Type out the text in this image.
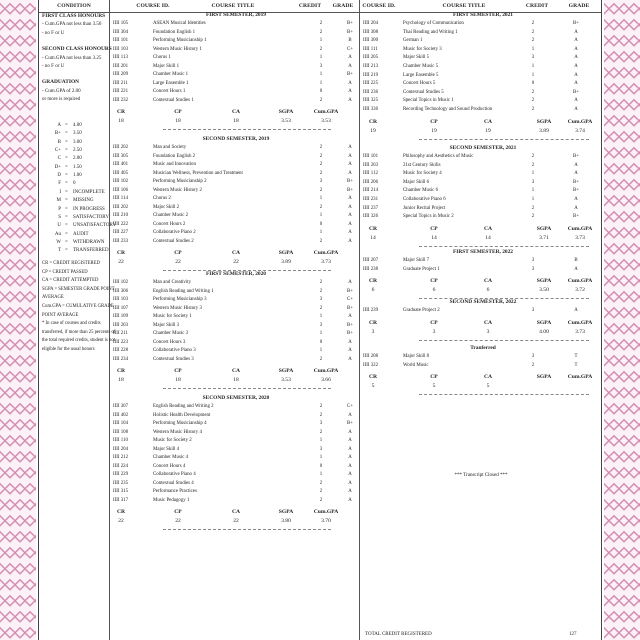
CONDITION	COURSE ID.	COURSE TITLE	CREDIT	GRADE	COURSE ID.	COURSE TITLE	CREDIT	GRADE
FIRST CLASS HONOURS
- Cum.GPA not less than 3.50
- no F or U
SECOND CLASS HONOURS
- Cum.GPA not less than 3.25
- no F or U
GRADUATION
- Cum.GPA of 2.00
or more is required
A = 4.00
B+ = 3.50
B = 3.00
C+ = 2.50
C = 2.00
D+ = 1.50
D = 1.00
F = 0
I = INCOMPLETE
M = MISSING
P = IN PROGRESS
S = SATISFACTORY
U = UNSATISFACTORY
Au = AUDIT
W = WITHDRAWN
T = TRANSFERRED
CR = CREDIT REGISTERED
CP = CREDIT PASSED
CA = CREDIT ATTEMPTED
SGPA = SEMESTER GRADE POINT
AVERAGE
Cum.GPA = CUMULATIVE GRADE
POINT AVERAGE
* In case of courses and credits
transferred, if more than 25 percents of
the total required credits, student is not
eligible for the usual honors
FIRST SEMESTER, 2019
IIII 105	ASEAN Musical Identities	2	B+
IIII 304	Foundation English 1	2	B+
IIII 101	Performing Musicianship 1	1	B
IIII 103	Western Music History 1	2	C+
IIII 113	Chorus 1	1	A
IIII 201	Major Skill 1	3	A
IIII 209	Chamber Music 1	1	B+
IIII 211	Large Ensemble 1	1	A
IIII 221	Concert Hours 1	0	A
IIII 232	Contextual Studies 1	2	A
CR	CP	CA	SGPA	Cum.GPA
18	18	18	3.53	3.53
SECOND SEMESTER, 2019
IIII 202	Man and Society	2	A
IIII 305	Foundation English 2	2	A
IIII 401	Music and Innovation	2	A
IIII 405	Musician Wellness, Prevention and Treatment	2	A
IIII 102	Performing Musicianship 2	3	B+
IIII 106	Western Music History 2	2	B+
IIII 114	Chorus 2	1	A
IIII 202	Major Skill 2	2	A
IIII 210	Chamber Music 2	1	A
IIII 222	Concert Hours 2	0	A
IIII 227	Collaborative Piano 2	1	A
IIII 233	Contextual Studies 2	2	A
CR	CP	CA	SGPA	Cum.GPA
22	22	22	3.89	3.73
FIRST SEMESTER, 2020
IIII 102	Man and Creativity	2	A
IIII 306	English Reading and Writing 1	2	B+
IIII 103	Performing Musicianship 3	3	C+
IIII 107	Western Music History 3	2	B+
IIII 109	Music for Society 1	1	A
IIII 203	Major Skill 3	3	B+
IIII 211	Chamber Music 3	1	B+
IIII 223	Concert Hours 3	0	A
IIII 228	Collaborative Piano 3	1	A
IIII 234	Contextual Studies 3	2	A
CR	CP	CA	SGPA	Cum.GPA
18	18	18	3.53	3.66
SECOND SEMESTER, 2020
IIII 307	English Reading and Writing 2	2	C+
IIII 402	Holistic Health Development	2	A
IIII 104	Performing Musicianship 4	3	B+
IIII 108	Western Music History 4	2	A
IIII 110	Music for Society 2	1	A
IIII 204	Major Skill 4	3	A
IIII 212	Chamber Music 4	1	A
IIII 224	Concert Hours 4	0	A
IIII 229	Collaborative Piano 4	1	A
IIII 235	Contextual Studies 4	2	A
IIII 315	Performance Practices	2	A
IIII 317	Music Pedagogy 1	2	A
CR	CP	CA	SGPA	Cum.GPA
22	22	22	3.80	3.70
FIRST SEMESTER, 2021
IIII 204	Psychology of Communication	2	B+
IIII 308	Thai Reading and Writing 1	2	A
IIII 300	German 1	2	A
IIII 111	Music for Society 3	1	A
IIII 205	Major Skill 5	3	A
IIII 213	Chamber Music 5	1	A
IIII 219	Large Ensemble 5	1	A
IIII 225	Concert Hours 5	0	A
IIII 236	Contextual Studies 5	2	B+
IIII 325	Special Topics in Music 1	2	A
IIII 336	Recording Technology and Sound Production	2	A
CR	CP	CA	SGPA	Cum.GPA
19	19	19	3.89	3.74
SECOND SEMESTER, 2021
IIII 101	Philosophy and Aesthetics of Music	2	B+
IIII 203	21st Century Skills	2	A
IIII 112	Music for Society 4	1	A
IIII 206	Major Skill 6	3	B+
IIII 214	Chamber Music 6	1	B+
IIII 231	Collaborative Piano 6	1	A
IIII 237	Junior Recital Project	2	A
IIII 326	Special Topics in Music 2	2	B+
CR	CP	CA	SGPA	Cum.GPA
14	14	14	3.71	3.73
FIRST SEMESTER, 2022
IIII 207	Major Skill 7	3	B
IIII 238	Graduate Project 1	3	A
CR	CP	CA	SGPA	Cum.GPA
6	6	6	3.50	3.72
SECOND SEMESTER, 2022
IIII 239	Graduate Project 2	3	A
CR	CP	CA	SGPA	Cum.GPA
3	3	3	4.00	3.73
Tranferred
IIII 208	Major Skill 8	3	T
IIII 322	World Music	2	T
CR	CP	CA	SGPA	Cum.GPA
5	5	5
*** Transcript Closed ***
TOTAL CREDIT REGISTERED	127
